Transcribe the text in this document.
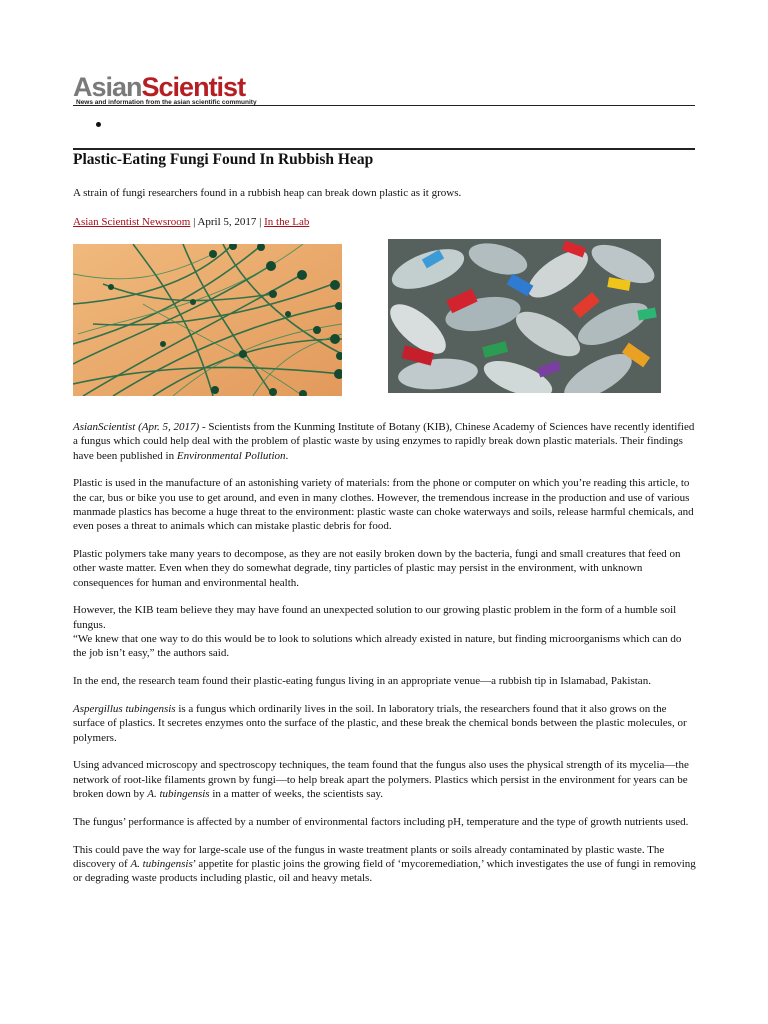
AsianScientist
News and information from the asian scientific community
Plastic-Eating Fungi Found In Rubbish Heap
A strain of fungi researchers found in a rubbish heap can break down plastic as it grows.
Asian Scientist Newsroom | April 5, 2017 | In the Lab

AsianScientist (Apr. 5, 2017) - Scientists from the Kunming Institute of Botany (KIB), Chinese Academy of Sciences have recently identified a fungus which could help deal with the problem of plastic waste by using enzymes to rapidly break down plastic materials. Their findings have been published in Environmental Pollution.

Plastic is used in the manufacture of an astonishing variety of materials: from the phone or computer on which you’re reading this article, to the car, bus or bike you use to get around, and even in many clothes. However, the tremendous increase in the production and use of various manmade plastics has become a huge threat to the environment: plastic waste can choke waterways and soils, release harmful chemicals, and even poses a threat to animals which can mistake plastic debris for food.

Plastic polymers take many years to decompose, as they are not easily broken down by the bacteria, fungi and small creatures that feed on other waste matter. Even when they do somewhat degrade, tiny particles of plastic may persist in the environment, with unknown consequences for human and environmental health.

However, the KIB team believe they may have found an unexpected solution to our growing plastic problem in the form of a humble soil fungus.

“We knew that one way to do this would be to look to solutions which already existed in nature, but finding microorganisms which can do the job isn’t easy,” the authors said.

In the end, the research team found their plastic-eating fungus living in an appropriate venue—a rubbish tip in Islamabad, Pakistan.

Aspergillus tubingensis is a fungus which ordinarily lives in the soil. In laboratory trials, the researchers found that it also grows on the surface of plastics. It secretes enzymes onto the surface of the plastic, and these break the chemical bonds between the plastic molecules, or polymers.

Using advanced microscopy and spectroscopy techniques, the team found that the fungus also uses the physical strength of its mycelia—the network of root-like filaments grown by fungi—to help break apart the polymers. Plastics which persist in the environment for years can be broken down by A. tubingensis in a matter of weeks, the scientists say.

The fungus’ performance is affected by a number of environmental factors including pH, temperature and the type of growth nutrients used.

This could pave the way for large-scale use of the fungus in waste treatment plants or soils already contaminated by plastic waste. The discovery of A. tubingensis’ appetite for plastic joins the growing field of ‘mycoremediation,’ which investigates the use of fungi in removing or degrading waste products including plastic, oil and heavy metals.
